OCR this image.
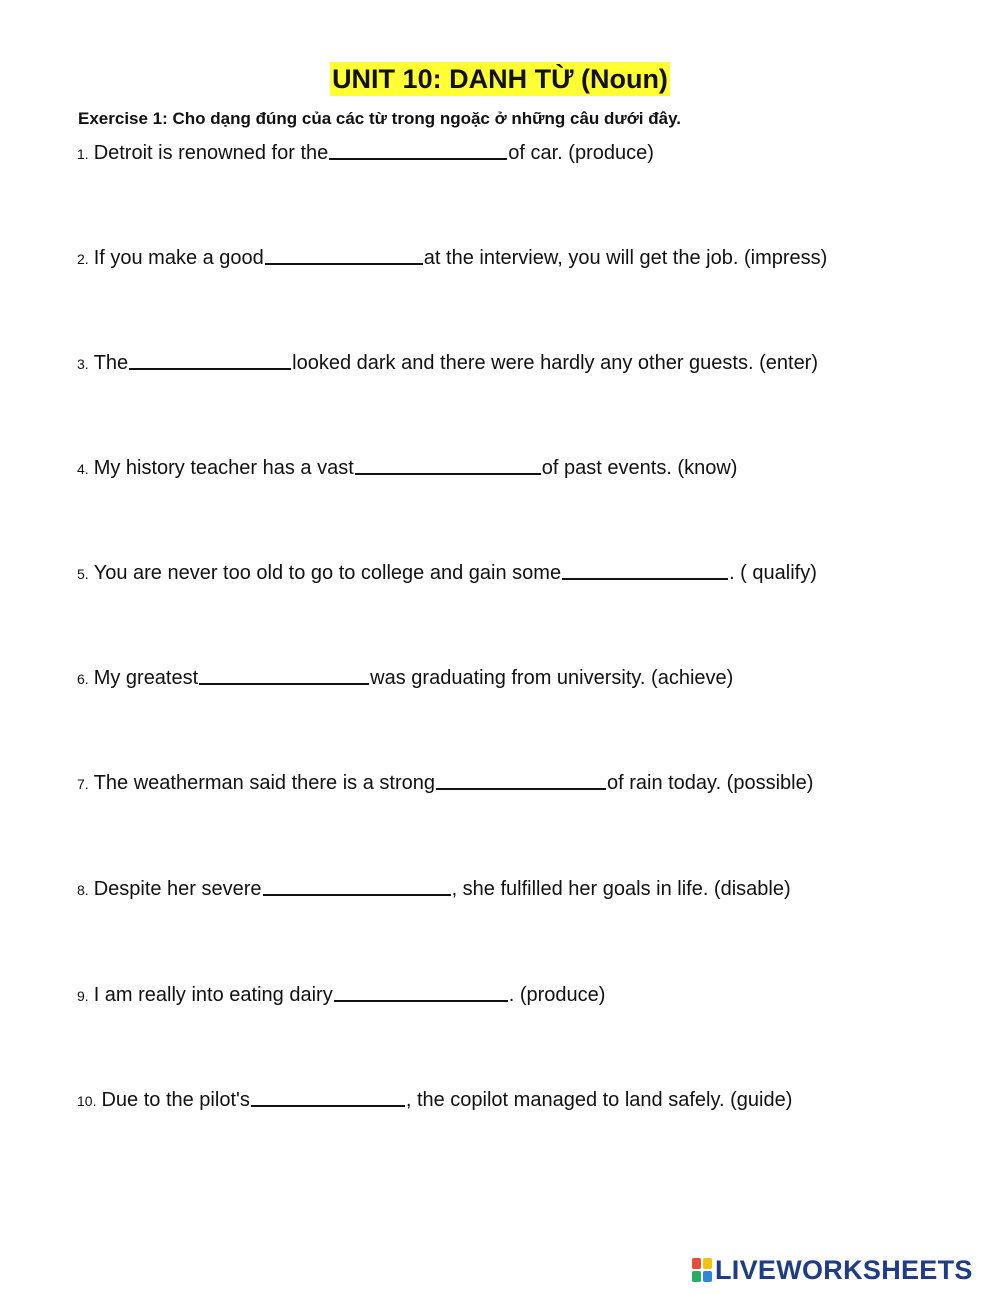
UNIT 10: DANH TỪ (Noun)
Exercise 1: Cho dạng đúng của các từ trong ngoặc ở những câu dưới đây.
1. Detroit is renowned for the	of car. (produce)
2. If you make a good	at the interview, you will get the job. (impress)
3. The	looked dark and there were hardly any other guests. (enter)
4. My history teacher has a vast	of past events. (know)
5. You are never too old to go to college and gain some	. ( qualify)
6. My greatest	was graduating from university. (achieve)
7. The weatherman said there is a strong	of rain today. (possible)
8. Despite her severe	, she fulfilled her goals in life. (disable)
9. I am really into eating dairy	. (produce)
10. Due to the pilot's	, the copilot managed to land safely. (guide)
LIVEWORKSHEETS
